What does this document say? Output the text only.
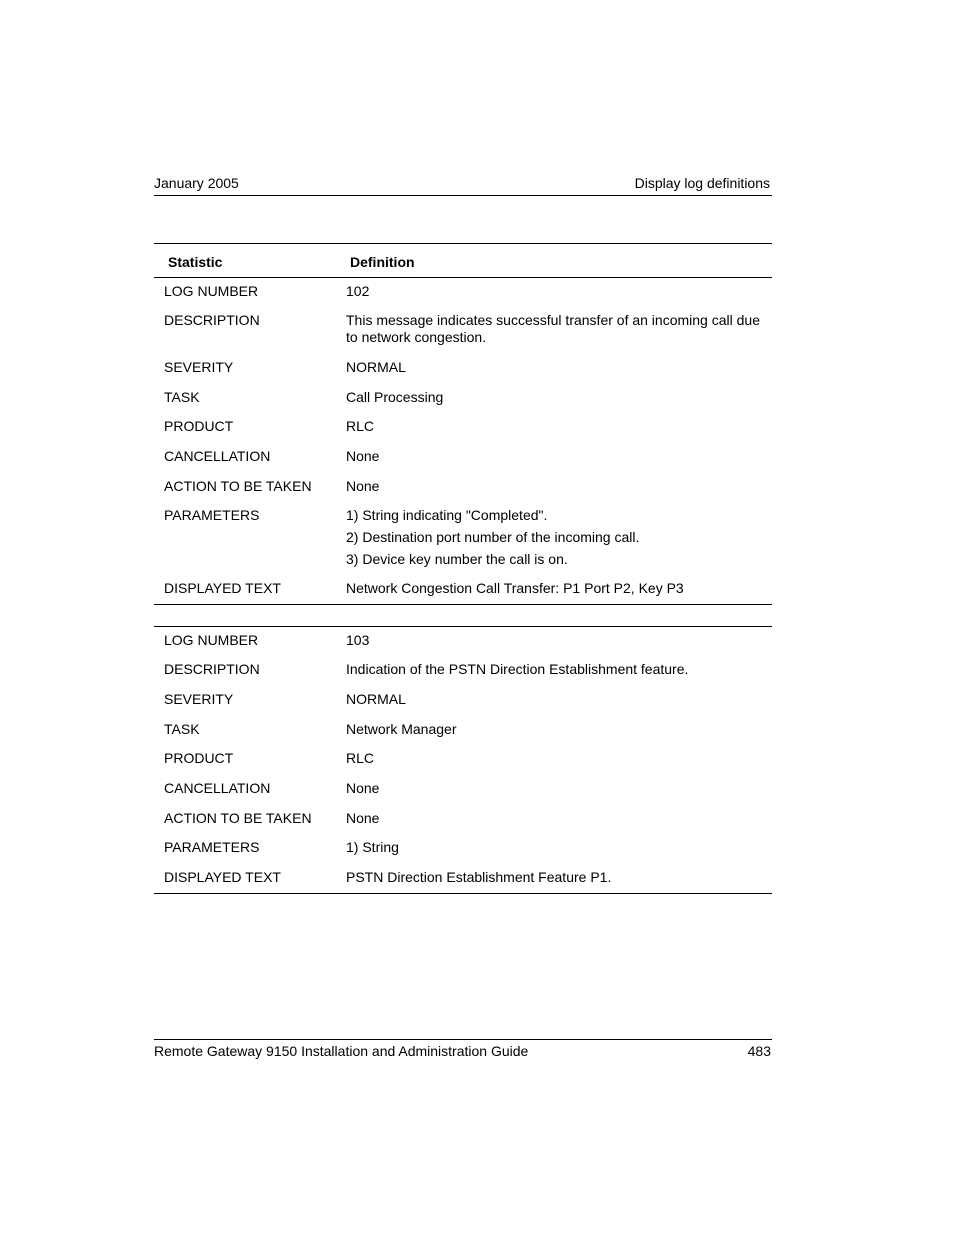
January 2005	Display log definitions
Statistic	Definition
LOG NUMBER	102
DESCRIPTION	This message indicates successful transfer of an incoming call due to network congestion.
SEVERITY	NORMAL
TASK	Call Processing
PRODUCT	RLC
CANCELLATION	None
ACTION TO BE TAKEN None
PARAMETERS	1) String indicating "Completed".
2) Destination port number of the incoming call.
3) Device key number the call is on.
DISPLAYED TEXT	Network Congestion Call Transfer: P1 Port P2, Key P3
LOG NUMBER	103
DESCRIPTION	Indication of the PSTN Direction Establishment feature.
SEVERITY	NORMAL
TASK	Network Manager
PRODUCT	RLC
CANCELLATION	None
ACTION TO BE TAKEN None
PARAMETERS	1) String
DISPLAYED TEXT	PSTN Direction Establishment Feature P1.
Remote Gateway 9150 Installation and Administration Guide	483
